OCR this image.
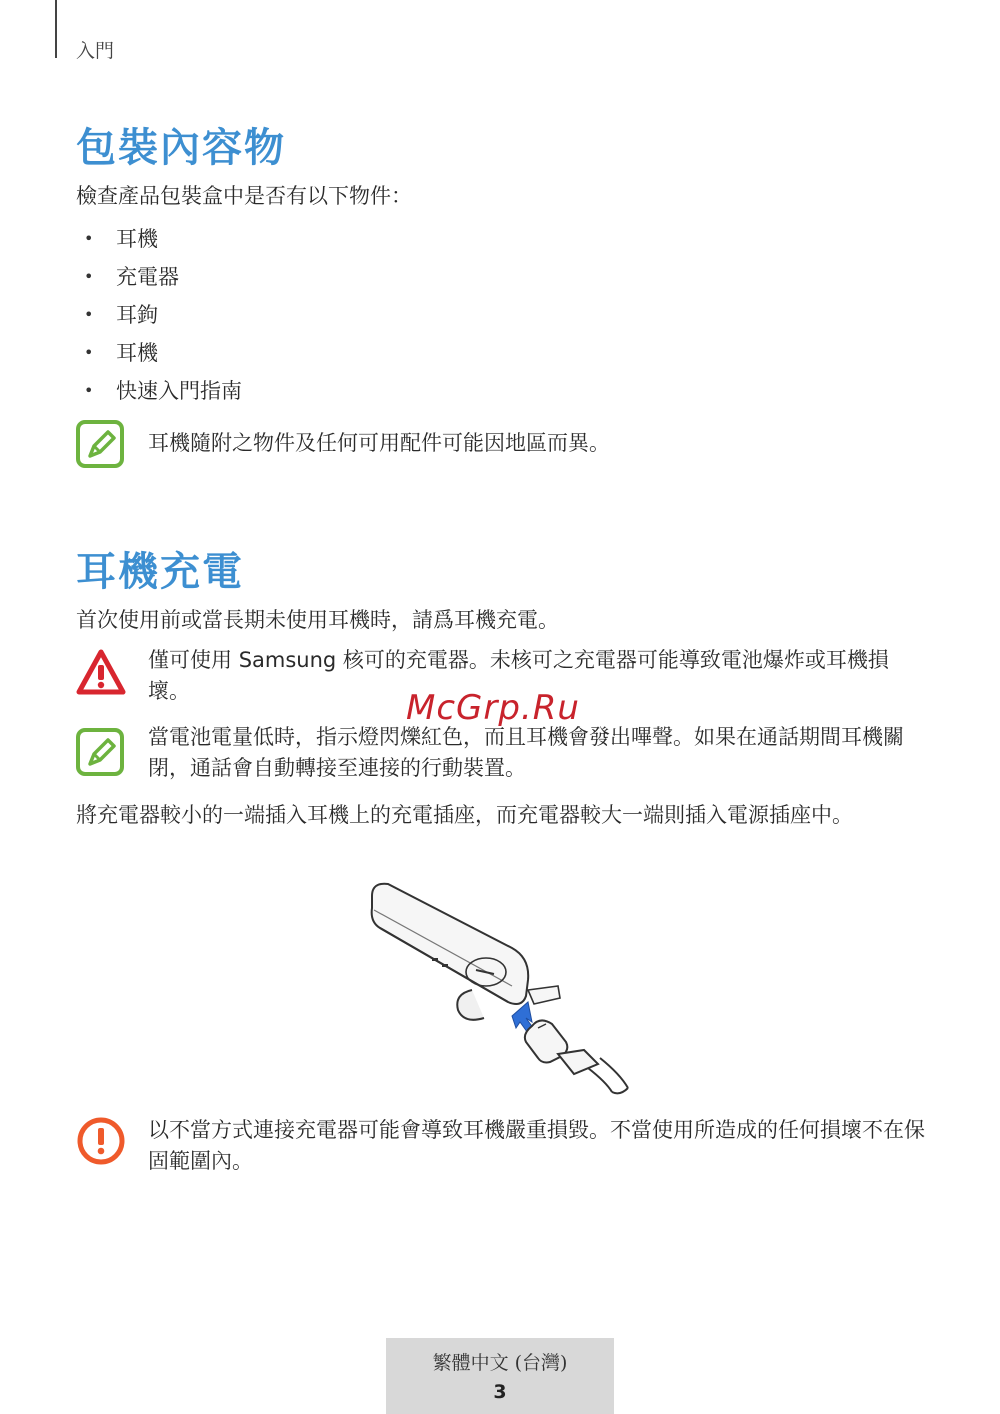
入門
包裝內容物

檢查產品包裝盒中是否有以下物件：

•	耳機
•	充電器
•	耳鉤
•	耳機
•	快速入門指南
耳機隨附之物件及任何可用配件可能因地區而異。
耳機充電

首次使用前或當長期未使用耳機時，請爲耳機充電。

僅可使用 Samsung 核可的充電器。未核可之充電器可能導致電池爆炸或耳機損壞。
當電池電量低時，指示燈閃爍紅色，而且耳機會發出嗶聲。如果在通話期間耳機關閉，通話會自動轉接至連接的行動裝置。

將充電器較小的一端插入耳機上的充電插座，而充電器較大一端則插入電源插座中。

以不當方式連接充電器可能會導致耳機嚴重損毀。不當使用所造成的任何損壞不在保固範圍內。
McGrp.Ru
繁體中文 (台灣)
3
